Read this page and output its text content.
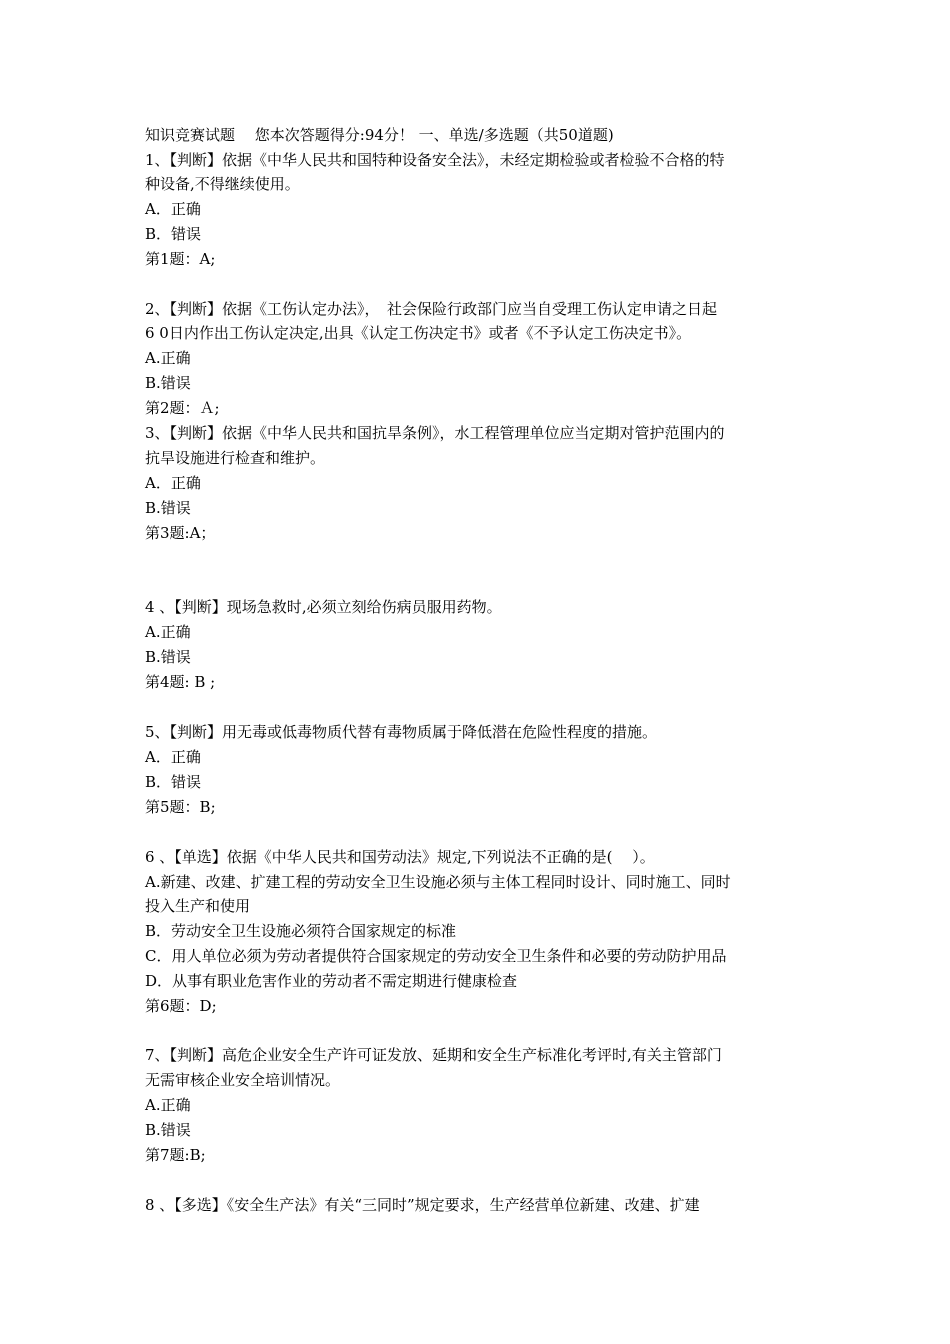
知识竞赛试题　 您本次答题得分:94分！ 一、单选/多选题（共50道题)
1、【判断】依据《中华人民共和国特种设备安全法》，未经定期检验或者检验不合格的特
种设备,不得继续使用。
A．正确
B．错误
第1题：A;
2、【判断】依据《工伤认定办法》，　社会保险行政部门应当自受理工伤认定申请之日起
6 0日内作出工伤认定决定,出具《认定工伤决定书》或者《不予认定工伤决定书》。
A.正确
B.错误
第2题：Ａ;
3、【判断】依据《中华人民共和国抗旱条例》，水工程管理单位应当定期对管护范围内的
抗旱设施进行检查和维护。
A．正确
B.错误
第3题:A；
4 、【判断】现场急救时,必须立刻给伤病员服用药物。
A.正确
B.错误
第4题: B ;
5、【判断】用无毒或低毒物质代替有毒物质属于降低潜在危险性程度的措施。
A．正确
B．错误
第5题：B;
6 、【单选】依据《中华人民共和国劳动法》规定,下列说法不正确的是(　 ）。
A.新建、改建、扩建工程的劳动安全卫生设施必须与主体工程同时设计、同时施工、同时
投入生产和使用
B．劳动安全卫生设施必须符合国家规定的标准
C．用人单位必须为劳动者提供符合国家规定的劳动安全卫生条件和必要的劳动防护用品
D．从事有职业危害作业的劳动者不需定期进行健康检查
第6题：D;
7、【判断】高危企业安全生产许可证发放、延期和安全生产标准化考评时,有关主管部门
无需审核企业安全培训情况。
A.正确
B.错误
第7题:B;
8 、【多选】《安全生产法》有关“三同时”规定要求，生产经营单位新建、改建、扩建
